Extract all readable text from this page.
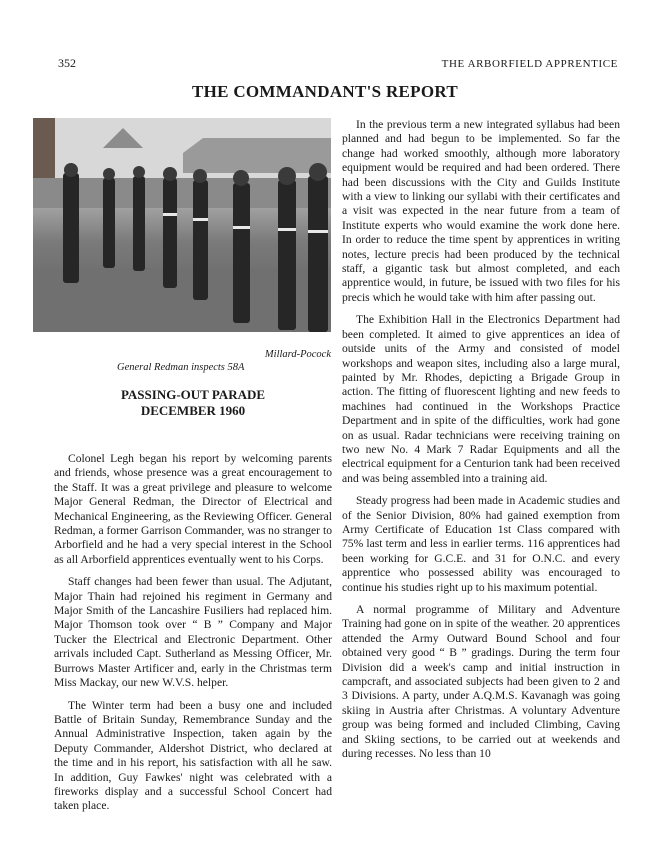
352	THE ARBORFIELD APPRENTICE
THE COMMANDANT'S REPORT
Millard-Pocock
General Redman inspects 58A
PASSING-OUT PARADE
DECEMBER 1960

Colonel Legh began his report by welcoming parents and friends, whose presence was a great encouragement to the Staff. It was a great privilege and pleasure to welcome Major General Redman, the Director of Electrical and Mechanical Engineering, as the Reviewing Officer. General Redman, a former Garrison Commander, was no stranger to Arborfield and he had a very special interest in the School as all Arborfield apprentices eventually went to his Corps.

Staff changes had been fewer than usual. The Adjutant, Major Thain had rejoined his regiment in Germany and Major Smith of the Lancashire Fusiliers had replaced him. Major Thomson took over “ B ” Company and Major Tucker the Electrical and Electronic Department. Other arrivals included Capt. Sutherland as Messing Officer, Mr. Burrows Master Artificer and, early in the Christmas term Miss Mackay, our new W.V.S. helper.

The Winter term had been a busy one and included Battle of Britain Sunday, Remembrance Sunday and the Annual Administrative Inspection, taken again by the Deputy Commander, Aldershot District, who declared at the time and in his report, his satisfaction with all he saw. In addition, Guy Fawkes' night was celebrated with a fireworks display and a successful School Concert had taken place.

In the previous term a new integrated syllabus had been planned and had begun to be implemented. So far the change had worked smoothly, although more laboratory equipment would be required and had been ordered. There had been discussions with the City and Guilds Institute with a view to linking our syllabi with their certificates and a visit was expected in the near future from a team of Institute experts who would examine the work done here. In order to reduce the time spent by apprentices in writing notes, lecture precis had been produced by the technical staff, a gigantic task but almost completed, and each apprentice would, in future, be issued with two files for his precis which he would take with him after passing out.

The Exhibition Hall in the Electronics Department had been completed. It aimed to give apprentices an idea of outside units of the Army and consisted of model workshops and weapon sites, including also a large mural, painted by Mr. Rhodes, depicting a Brigade Group in action. The fitting of fluorescent lighting and new feeds to machines had continued in the Workshops Practice Department and in spite of the difficulties, work had gone on as usual. Radar technicians were receiving training on two new No. 4 Mark 7 Radar Equipments and all the electrical equipment for a Centurion tank had been received and was being assembled into a training aid.

Steady progress had been made in Academic studies and of the Senior Division, 80% had gained exemption from Army Certificate of Education 1st Class compared with 75% last term and less in earlier terms. 116 apprentices had been working for G.C.E. and 31 for O.N.C. and every apprentice who possessed ability was encouraged to continue his studies right up to his maximum potential.

A normal programme of Military and Adventure Training had gone on in spite of the weather. 20 apprentices attended the Army Outward Bound School and four obtained very good “ B ” gradings. During the term four Division did a week's camp and initial instruction in campcraft, and associated subjects had been given to 2 and 3 Divisions. A party, under A.Q.M.S. Kavanagh was going skiing in Austria after Christmas. A voluntary Adventure group was being formed and included Climbing, Caving and Skiing sections, to be carried out at weekends and during recesses. No less than 10
